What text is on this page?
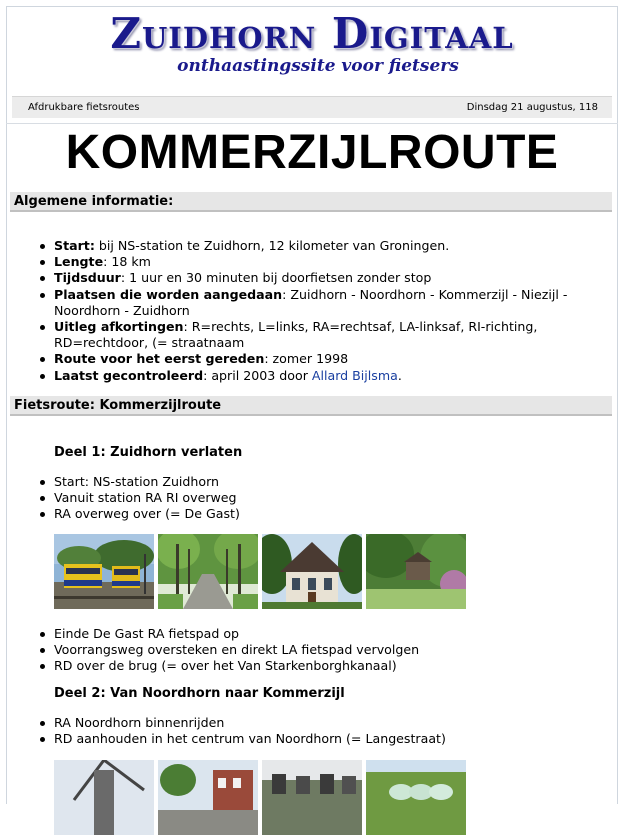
Zuidhorn Digitaal
onthaastingssite voor fietsers
Afdrukbare fietsroutes	Dinsdag 21 augustus, 118
KOMMERZIJLROUTE
Algemene informatie:
Start: bij NS-station te Zuidhorn, 12 kilometer van Groningen.
Lengte: 18 km
Tijdsduur: 1 uur en 30 minuten bij doorfietsen zonder stop
Plaatsen die worden aangedaan: Zuidhorn - Noordhorn - Kommerzijl - Niezijl - Noordhorn - Zuidhorn
Uitleg afkortingen: R=rechts, L=links, RA=rechtsaf, LA-linksaf, RI-richting, RD=rechtdoor, (= straatnaam
Route voor het eerst gereden: zomer 1998
Laatst gecontroleerd: april 2003 door Allard Bijlsma.
Fietsroute: Kommerzijlroute
Deel 1: Zuidhorn verlaten
Start: NS-station Zuidhorn
Vanuit station RA RI overweg
RA overweg over (= De Gast)
Einde De Gast RA fietspad op
Voorrangsweg oversteken en direkt LA fietspad vervolgen
RD over de brug (= over het Van Starkenborghkanaal)
Deel 2: Van Noordhorn naar Kommerzijl
RA Noordhorn binnenrijden
RD aanhouden in het centrum van Noordhorn (= Langestraat)
